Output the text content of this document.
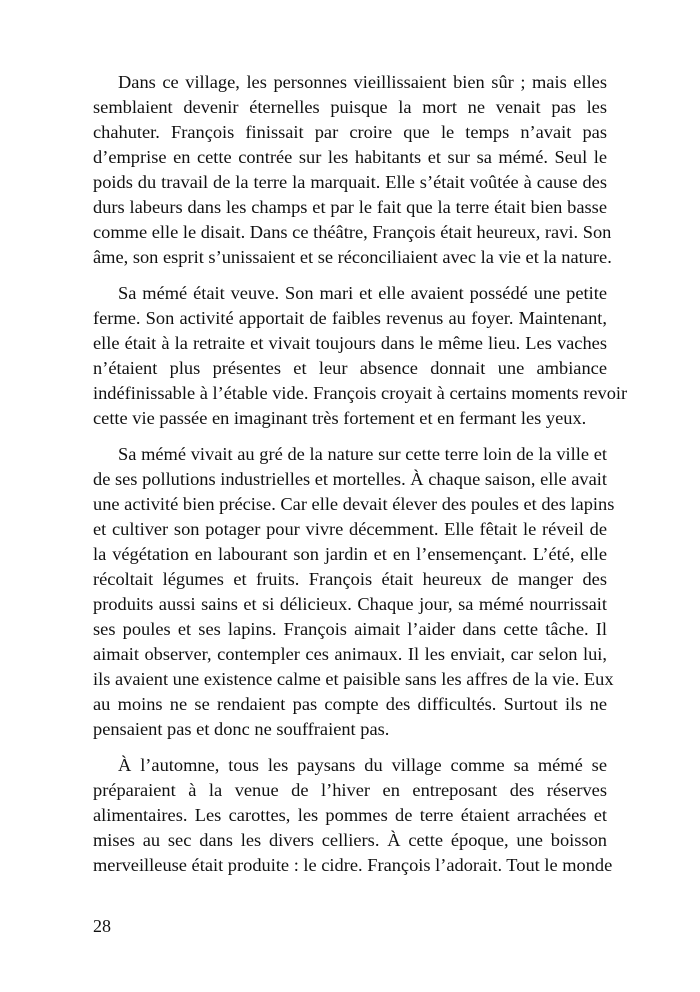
Dans ce village, les personnes vieillissaient bien sûr ; mais elles
semblaient devenir éternelles puisque la mort ne venait pas les
chahuter. François finissait par croire que le temps n’avait pas
d’emprise en cette contrée sur les habitants et sur sa mémé. Seul le
poids du travail de la terre la marquait. Elle s’était voûtée à cause des
durs labeurs dans les champs et par le fait que la terre était bien basse
comme elle le disait. Dans ce théâtre, François était heureux, ravi. Son
âme, son esprit s’unissaient et se réconciliaient avec la vie et la nature.
Sa mémé était veuve. Son mari et elle avaient possédé une petite
ferme. Son activité apportait de faibles revenus au foyer. Maintenant,
elle était à la retraite et vivait toujours dans le même lieu. Les vaches
n’étaient plus présentes et leur absence donnait une ambiance
indéfinissable à l’étable vide. François croyait à certains moments revoir
cette vie passée en imaginant très fortement et en fermant les yeux.
Sa mémé vivait au gré de la nature sur cette terre loin de la ville et
de ses pollutions industrielles et mortelles. À chaque saison, elle avait
une activité bien précise. Car elle devait élever des poules et des lapins
et cultiver son potager pour vivre décemment. Elle fêtait le réveil de
la végétation en labourant son jardin et en l’ensemençant. L’été, elle
récoltait légumes et fruits. François était heureux de manger des
produits aussi sains et si délicieux. Chaque jour, sa mémé nourrissait
ses poules et ses lapins. François aimait l’aider dans cette tâche. Il
aimait observer, contempler ces animaux. Il les enviait, car selon lui,
ils avaient une existence calme et paisible sans les affres de la vie. Eux
au moins ne se rendaient pas compte des difficultés. Surtout ils ne
pensaient pas et donc ne souffraient pas.
À l’automne, tous les paysans du village comme sa mémé se
préparaient à la venue de l’hiver en entreposant des réserves
alimentaires. Les carottes, les pommes de terre étaient arrachées et
mises au sec dans les divers celliers. À cette époque, une boisson
merveilleuse était produite : le cidre. François l’adorait. Tout le monde
28
